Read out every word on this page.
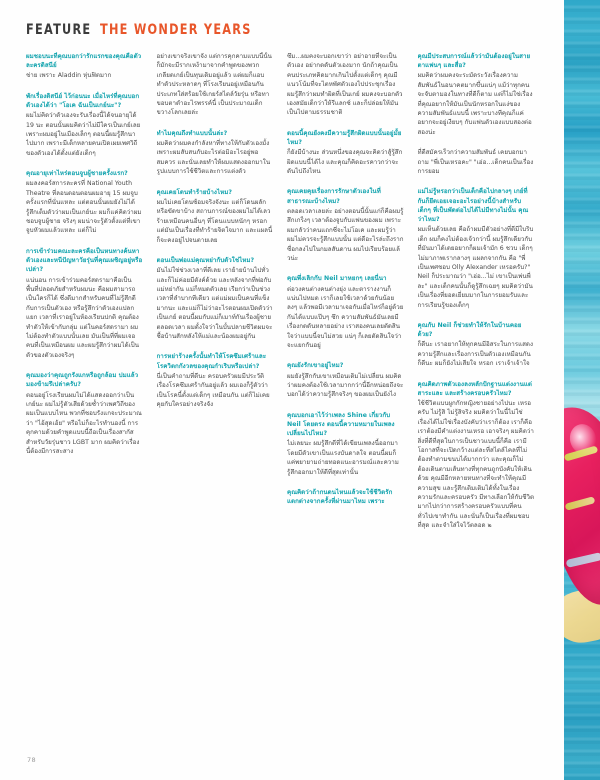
FEATURE THE WONDER YEARS

ผมชอบนะที่คุณบอกว่ารักแรกของคุณคือตัวละครดิสนีย์

ช่าย เพราะ Aladdin หุ่นฟิตมาก

พักเรื่องดิสนีย์ ไว้ก่อนนะ เมื่อไหร่ที่คุณบอกตัวเองได้ว่า "โอเค ฉันเป็นเกย์นะ"?

ผมไม่คิดว่าตัวเองจะรับเรื่องนี้ได้จนอายุได้ 19 นะ ตอนนั้นผมคิดว่าไม่มีใครเป็นเกย์เลย เพราะผมอยู่ในเมืองเล็กๆ ตอนนี้ผมรู้สึกนาไปมาก เพราะมีเด็กหลายคนเปิดเผยเพศวิถีของตัวเองได้ตั้งแต่ยังเด็กๆ

คุณอายุเท่าไหร่ตอนจูบผู้ชายครั้งแรก?

ผมลงคอร์สการละครที่ National Youth Theatre ที่ลอนดอนตอนผมอายุ 15 ผมจูบครั้งแรกที่นั่นแหละ แต่ตอนนั้นผมยังไม่ได้รู้สึกเต็มตัวว่าผมเป็นเกย์นะ ผมก็แค่คิดว่าผมชอบจูบผู้ชาย จริงๆ ผมน่าจะรู้ตัวตั้งแต่ที่เขาจูบหัวผมแล้วแหละ แต่ก็ไม่

การเข้าร่วมคณะละครคือเป็นหนทางค้นหาตัวเองและหนีปัญหาวัยรุ่นที่คุณเผชิญอยู่หรือเปล่า?

แน่นอน การเข้าร่วมคอร์สดรามาคือเป็นพื้นที่ปลอดภัยสำหรับผมนะ คือผมสามารถเป็นใครก็ได้ ซึ่งดีมากสำหรับคนที่ไม่รู้สึกดีกับการเป็นตัวเอง หรือรู้สึกว่าตัวเองแปลกแยก เวลาที่เราอยู่ในห้องเรียนปกติ คุณต้องทำตัวให้เข้ากับกลุ่ม แต่ในคอร์สดรามา ผมไม่ต้องทำตัวแบบนั้นเลย มันเป็นที่ที่ผมเจอคนที่เป็นเหมือนผม และผมรู้สึกว่าผมได้เป็นตัวของตัวเองจริงๆ

คุณมองว่าคุณถูกรังแกหรือถูกล้อม ปมแล้วมองข้ามรึเปล่าครับ?

ตอนอยู่โรงเรียนผมไม่ได้แสดงออกว่าเป็นเกย์นะ ผมไม่รู้ตัวเสียด้วยซ้ำว่าเพศวิถีของผมเป็นแบบไหน พวกที่ชอบรังแกจะประมาณว่า "ไอ้สุดเฮ้ย" หรือไม่ก็อะไรทำนองนี้ การคุกคามด้วยคำพูดแบบนี้ถือเป็นเรื่องสากัสสำหรับวัยรุ่นชาว LGBT มาก ผมคิดว่าเรื่องนี้ต้องมีการสะสาง

อย่างเขาจริงเขาจัง แต่การคุกคามแบบนี้นั้นก็มักจะมีรากเหง้ามาจากคำพูดของพวกเกลียดเกย์เป็นทุนเดิมอยู่แล้ว แต่ผมก็แอบทำตัวประหลาดๆ ที่โรงเรียนอยู่เหมือนกัน ประเภทใส่สร้อยใช้เกยร์สไตล์วัยรุ่น หรือทาขอบตาดำอะไรพรรค์นี้ เป็นประมาณเด็กขวางโลกเลยล่ะ

ทำไมคุณถึงทำแบบนั้นล่ะ?

ผมคิดว่าผมคงกำลังหาที่ทางให้กับตัวเองมั้ง เพราะผมสับสนกับอะไรต่อมิอะไรอยู่พอสมควร และนั่นเลยทำให้ผมแสดงออกมาในรูปแบบการใช้ชีวิตและการแต่งตัว

คุณเคยโดนทำร้ายบ้างไหม?

ผมไม่เคยโดนซ้อมจริงจังนะ แต่ก็โดนผลักหรือขัดขาบ้าง สถานการณ์ของผมไม่ได้เลวร้ายเหมือนคนอื่นๆ ที่โดนแบบหนักๆ หรอก แต่มันเป็นเรื่องที่ทำร้ายจิตใจมาก และแผลนี้ก็จะคงอยู่ไปจนตายเลย

ตอนเป็นพ่อแม่คุณหย่ากับตัวใช่ไหม?

มันไม่ใช่ช่วงเวลาที่ดีเลย เราย้ายบ้านไปทั่ว และก็ไม่ค่อยมีตังค์ด้วย และหลังจากที่พ่อกับแม่หย่ากัน แม่ก็หมดตัวเลย เรียกว่าเป็นช่วงเวลาที่ลำบากทีเดียว แต่แม่ผมเป็นคนที่แข็งมากนะ และแม่ก็ไม่ว่าอะไรตอนผมเปิดตัวว่าเป็นเกย์ ตอนนี้ผมกับแม่ก็เมาท์กันเรื่องผู้ชายตลอดเวลา ผมตั้งใจว่าในบั้นปลายชีวิตผมจะซื้อบ้านสักหลังให้แม่และน้องผมอยู่กัน

การหย่าร้างครั้งนั้นทำให้โรคซึมเศร้าและโรควิตกกังวลของคุณกำเริบหรือเปล่า?

นี่เป็นคำถามที่ดีนะ ครอบครัวผมมีประวัติเรื่องโรคซึมเศร้ากันอยู่แล้ว ผมเองก็รู้ตัวว่าเป็นโรคนี้ตั้งแต่เด็กๆ เหมือนกัน แต่ก็ไม่เคยคุยกับใครอย่างจริงจัง

ซึม...ผมคงจะบอกเขาว่า อย่าอายที่จะเป็นตัวเอง อย่ากดดันตัวเองมาก นักถ้าคุณเป็นคนประเภทคิดมากเกินไปตั้งแต่เด็กๆ คุณมีแนวโน้มที่จะไตหพัศตัวเองไปประชุกเรื่อง ผมรู้สึกว่าผมทำผิดที่เป็นเกย์ ผมคงจะบอกตัวเองสมัยเด็กว่าให้รีแลกซ์ และก็ปล่อยให้มันเป็นไปตามธรรมชาติ

ตอนนี้คุณยังคงมีความรู้สึกผิดแบบนั้นอยู่มั้ยไหม?

ก็ยังมีบ้างนะ ส่วนหนึ่งของคุณจะคิดว่าสู้รู้สึกผิดแบบนี้ได้ไง และคุณก็คิดอะรคาวกว่าจะดันไปถึงไหน

คุณเคยคุยเรื่องการรักษาตัวเองในที่สาธารณะบ้างไหม?

ตลอดเวลาเลยล่ะ อย่างตอนนี้นั้นแก่ก็คือผมรู้สึกเกร็งๆ เวลาต้องจูบกับแฟนของผม เพราะผมกลัวว่าคนแถกซี่จะไม่โอเค และผมรู้ว่าผมไม่ควรจะรู้สึกแบบนั้น แต่ดีอะไรล่ะถึงรากซื่อกลงไปในกมลสันดาน ผมไปเรียบร้อยแล้วน่ะ

คุณพึ่งเลิกกับ Neil มาหยกๆ เลยนี่นา

ต่อวงคนต่างคนต่างยุ่ง และตารางงานก็แน่นไปหมด เราก็เลยใช้เวลาด้วยกันน้อยลงๆ แล้วพอมีเวลามาเจอกันเมื่อไหร่ก็อยู่ด้วยกันได้แบบแป๊บๆ ซึก ความสัมพันธ์มันเลยมีเรื่องกดดันหลายอย่าง เราสองคนเลยตัดสินใจว่าแบบนี้จบไม่สวย แน่ๆ ก็เลยตัดสินใจว่าจะแยกกันอยู่

คุณยังรักเขาอยู่ไหม?

ผมยังรู้สึกกับเขาเหมือนเดิมไม่เปลี่ยน ผมคิดว่าผมคงต้องใช้เวลามากกว่านี้อีกหน่อยถึงจะบอกได้ว่าความรู้สึกจริงๆ ของผมเป็นยังไง

คุณบอกเอาไว้ว่าเพลง Shine เกี่ยวกับ Neil โดยตรง ตอนนี้ความหมายในเพลงเปลี่ยนไปไหม?

ไม่เลยนะ ผมรู้สึกดีที่ได้เขียนเพลงนี้ออกมาโดยมีตัวเขาเป็นแรงบันดาลใจ ตอนนี้ผมก็แค่พยายามถ่ายทอดแนะอารมณ์และความรู้สึกออกมาให้ดีที่สุดเท่านั้น

คุณคิดว่าถ้ากนดนไหนแล้วจะใช้ชีวิตรักแตกต่างจากครั้งที่ผ่านมาไหม เพราะ

คุณมีประสบการณ์แล้วว่ามันต้องอยู่ในสายตาแฟนๆ และสื่อ?

ผมคิดว่าผมคงจะระมัดระวังเรื่องความสัมพันธ์ในอนาคตมากขึ้นแน่ๆ แม้ว่าทุกคนจะจับตามองในทางที่ดีก็ตาม แต่ก็ไม่ใช่เรื่องที่คุณอยากให้มันเป็นนักหรอกในแง่ของความสัมพันธ์แบบนี้ เพราะบางทีคุณก็แค่อยากจะอยู่เงียบๆ กับแฟนตัวเองแบบสองต่อสองน่ะ

ที่ดีสมัครเร็วกว่าความสัมพันธ์ เคยบอกมาถาม "พี่เป็นเหรอคะ" "เฮ่อ...เด็กคนเป็นเรื่องการยอม

แม่ไม่รู้หรอกว่าเป็นเด็กคือไปกลางๆ เกย์ที่กันก็ยึดเอยเจอะอะไรอย่างนี้บ้างสำหรับเด็กๆ ที่เป็นพัดต่อไปได้ไม่มีทางไม่นั้น คุณว่าไหม?

ผมเห็นด้วยเลย คือถ้าผมมีตัวอย่างที่ดีมีใบริบเด็ก ผมก็คงไม่ต้องเจ้วกว่านี้ ผมรู้สึกเดียวกับที่มันมาได้เดยอยากก็ผมเจ้ามัก 6 ชวบ เด็กๆ ไม่มาภาพเรากลางๆ แผลกจากกัน คือ "พี่เป็นเพศชอบ Olly Alexander เหรอครับ?" Neil ก็ประมาณว่า "เฮ่อ...ไม่ เขาเป็นเพ่นพี่ละ" และเด็กคนนั้นก็ดูรู้สึกเฉยๆ ผมคิดว่ามันเป็นเรื่องที่ยอดเยี่ยมมากในการยอมรับและการเรียนรู้ของเด็กๆ

คุณกับ Neil ก็ช่วยทำให้รักในบ้านคอยด้วย?

ก็ดีนะ เราอยากให้ทุกคนมีอิสระในการแสดงความรู้สึกและเรื่องการเป็นตัวเองเหมือนกัน ก็ดีนะ ผมก็ยังไม่เสียใจ หรอก เราเจ้าเจ้าใจ

คุณคิดภาพตัวเองลงหลักปักฐานแต่งงานแต่สาระและ และสร้างครอบครัวไหม?

ใช้ชีวิตแบบผูกกักหญิงชายอย่างไปนะ เหรอครับ ไม่รู้สิ ไม่รู้สิจริง ผมคิดว่าในนี้ไม่ใช่เรื่องได้ไม่ใช่เรื่องบังคับว่าเราก็ต้อง เราก็คือ เราต้องมีคำแต่งงานเหรอ เอาจริงๆ ผมคิดว่าสิ่งที่ดีที่สุดในการเป็นชาวแบบนี้ก็คือ เรามีโอกาสที่จะเปิดกว้างแต่ละที่สไตล์ไคลที่ไม่ต้องทำตามขนบได้มากกว่า และคุณก็ไม่ต้องเดินตามเส้นทางที่ทุกคนถูกบังคับให้เดินด้วย คุณมีอีกหลายหนทางที่จะทำให้คุณมีความสุข และรู้สึกเติมเติมได้ทั้งในเรื่องความรักและครอบครัว มีทางเลือกให้กับชีวิตมากไปกว่าการสร้างครอบครัวแบบที่คนทั่วไปเขาทำกัน และนั่นก็เป็นเรื่องที่ผมชอบที่สุด และจำใส่ใจไว้ตลอด ๒

78
